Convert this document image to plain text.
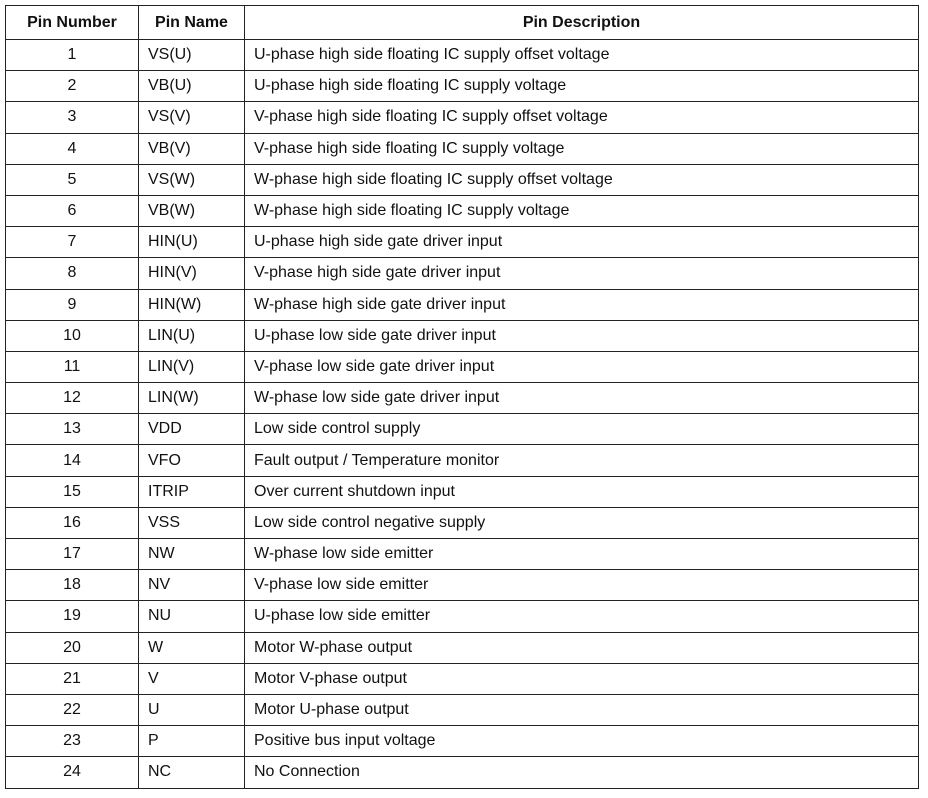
Pin Number	Pin Name	Pin Description
1	VS(U)	U-phase high side floating IC supply offset voltage
2	VB(U)	U-phase high side floating IC supply voltage
3	VS(V)	V-phase high side floating IC supply offset voltage
4	VB(V)	V-phase high side floating IC supply voltage
5	VS(W)	W-phase high side floating IC supply offset voltage
6	VB(W)	W-phase high side floating IC supply voltage
7	HIN(U)	U-phase high side gate driver input
8	HIN(V)	V-phase high side gate driver input
9	HIN(W)	W-phase high side gate driver input
10	LIN(U)	U-phase low side gate driver input
11	LIN(V)	V-phase low side gate driver input
12	LIN(W)	W-phase low side gate driver input
13	VDD	Low side control supply
14	VFO	Fault output / Temperature monitor
15	ITRIP	Over current shutdown input
16	VSS	Low side control negative supply
17	NW	W-phase low side emitter
18	NV	V-phase low side emitter
19	NU	U-phase low side emitter
20	W	Motor W-phase output
21	V	Motor V-phase output
22	U	Motor U-phase output
23	P	Positive bus input voltage
24	NC	No Connection
